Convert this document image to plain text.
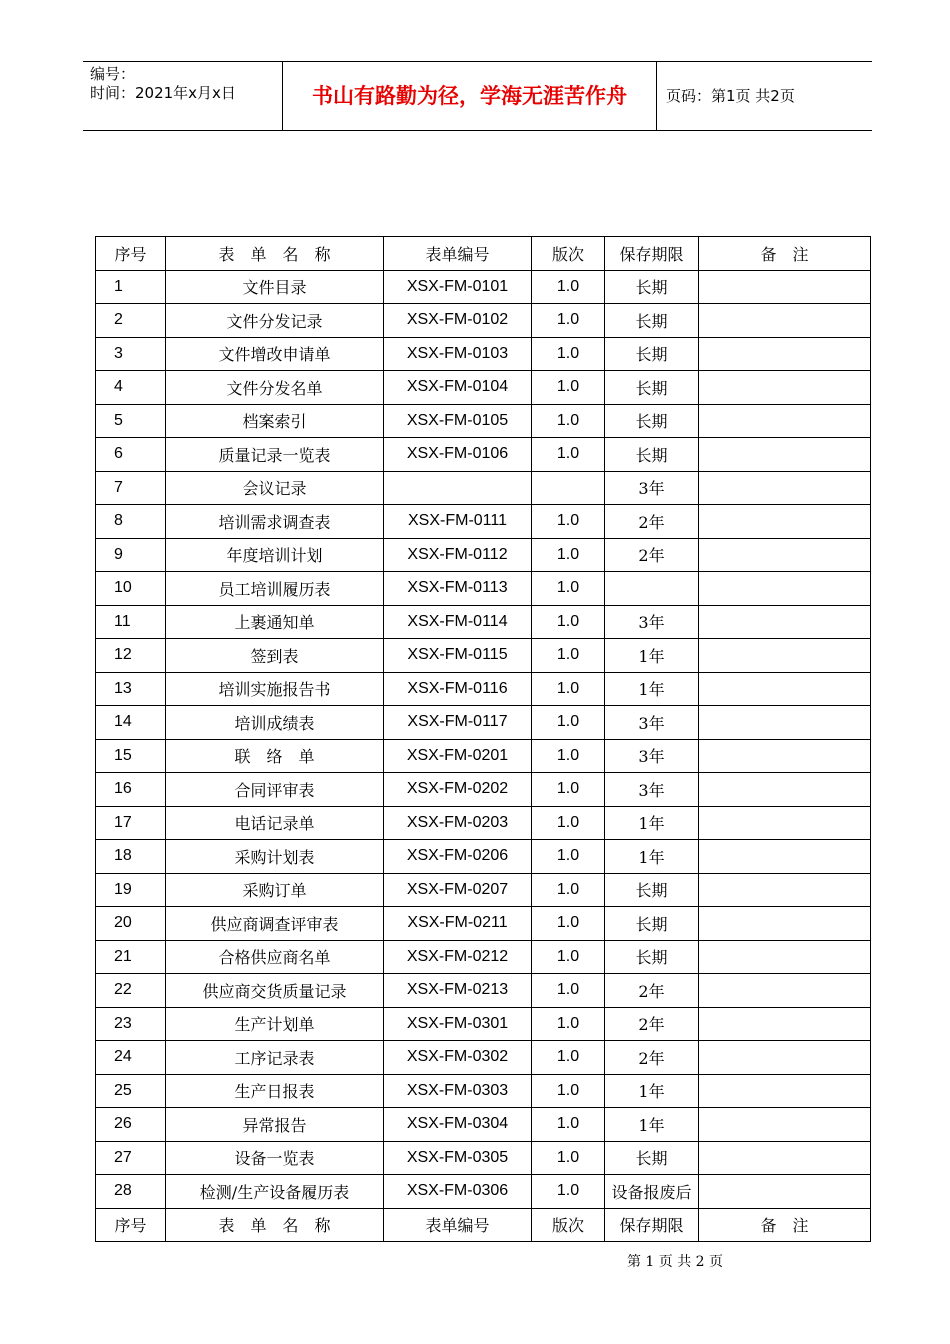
编号：
时间：2021年x月x日	书山有路勤为径，学海无涯苦作舟	页码：第1页 共2页
序号	表　单　名　称	表单编号	版次	保存期限	备　注
1	文件目录	XSX-FM-0101	1.0	长期	
2	文件分发记录	XSX-FM-0102	1.0	长期	
3	文件增改申请单	XSX-FM-0103	1.0	长期	
4	文件分发名单	XSX-FM-0104	1.0	长期	
5	档案索引	XSX-FM-0105	1.0	长期	
6	质量记录一览表	XSX-FM-0106	1.0	长期	
7	会议记录			3年	
8	培训需求调查表	XSX-FM-0111	1.0	2年	
9	年度培训计划	XSX-FM-0112	1.0	2年	
10	员工培训履历表	XSX-FM-0113	1.0		
11	上裹通知单	XSX-FM-0114	1.0	3年	
12	签到表	XSX-FM-0115	1.0	1年	
13	培训实施报告书	XSX-FM-0116	1.0	1年	
14	培训成绩表	XSX-FM-0117	1.0	3年	
15	联　络　单	XSX-FM-0201	1.0	3年	
16	合同评审表	XSX-FM-0202	1.0	3年	
17	电话记录单	XSX-FM-0203	1.0	1年	
18	采购计划表	XSX-FM-0206	1.0	1年	
19	采购订单	XSX-FM-0207	1.0	长期	
20	供应商调查评审表	XSX-FM-0211	1.0	长期	
21	合格供应商名单	XSX-FM-0212	1.0	长期	
22	供应商交货质量记录	XSX-FM-0213	1.0	2年	
23	生产计划单	XSX-FM-0301	1.0	2年	
24	工序记录表	XSX-FM-0302	1.0	2年	
25	生产日报表	XSX-FM-0303	1.0	1年	
26	异常报告	XSX-FM-0304	1.0	1年	
27	设备一览表	XSX-FM-0305	1.0	长期	
28	检测/生产设备履历表	XSX-FM-0306	1.0	设备报废后	
序号	表　单　名　称	表单编号	版次	保存期限	备　注
第 1 页 共 2 页
